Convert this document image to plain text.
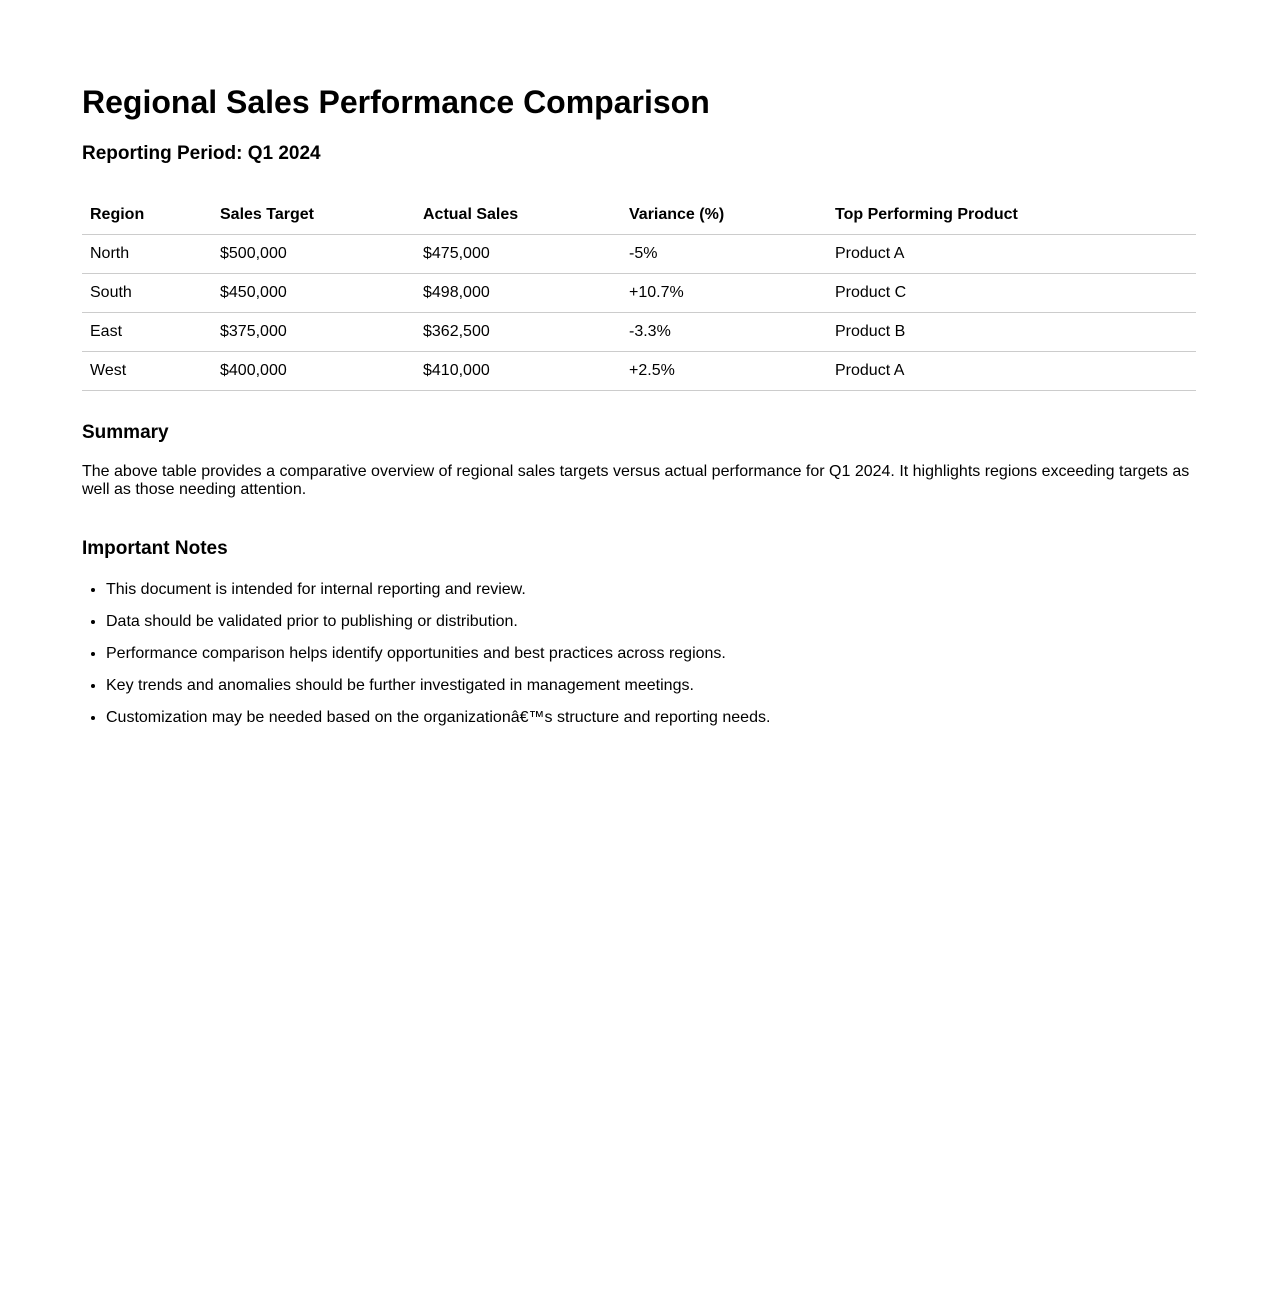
Regional Sales Performance Comparison
Reporting Period: Q1 2024
Region	Sales Target	Actual Sales	Variance (%)	Top Performing Product
North	$500,000	$475,000	-5%	Product A
South	$450,000	$498,000	+10.7%	Product C
East	$375,000	$362,500	-3.3%	Product B
West	$400,000	$410,000	+2.5%	Product A
Summary

The above table provides a comparative overview of regional sales targets versus actual performance for Q1 2024. It highlights regions exceeding targets as well as those needing attention.

Important Notes
• This document is intended for internal reporting and review.
• Data should be validated prior to publishing or distribution.
• Performance comparison helps identify opportunities and best practices across regions.
• Key trends and anomalies should be further investigated in management meetings.
• Customization may be needed based on the organizationâ€™s structure and reporting needs.
